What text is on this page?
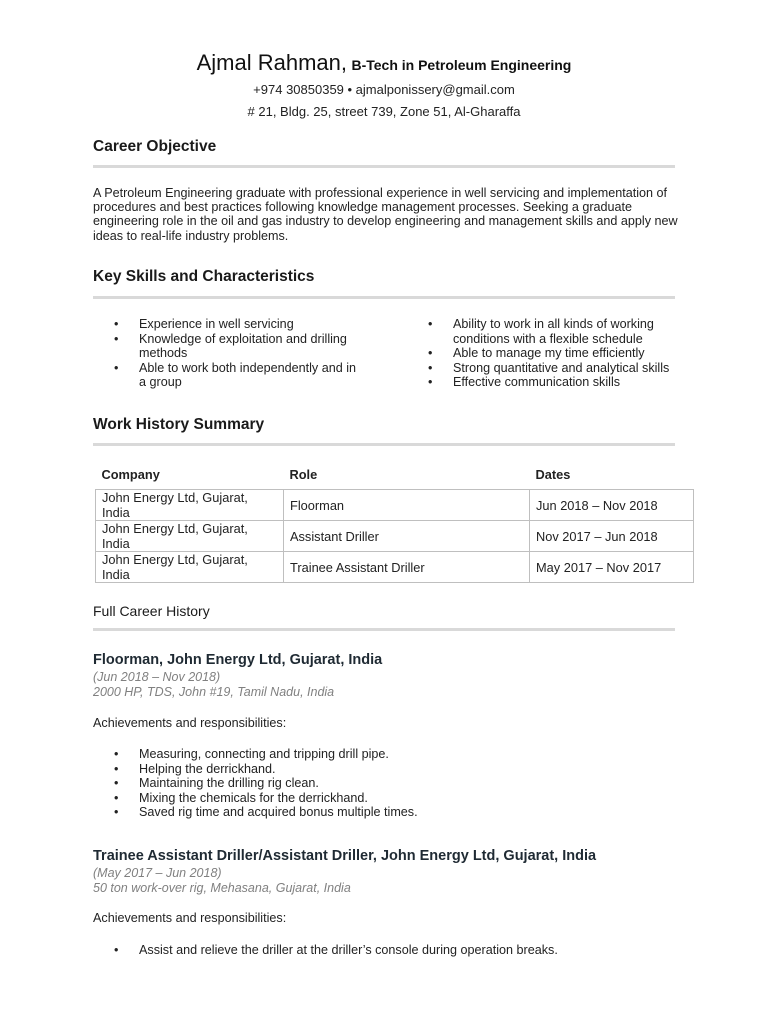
Ajmal Rahman, B-Tech in Petroleum Engineering
+974 30850359 • ajmalponissery@gmail.com
# 21, Bldg. 25, street 739, Zone 51, Al-Gharaffa
Career Objective
A Petroleum Engineering graduate with professional experience in well servicing and implementation of procedures and best practices following knowledge management processes. Seeking a graduate engineering role in the oil and gas industry to develop engineering and management skills and apply new ideas to real-life industry problems.
Key Skills and Characteristics
• Experience in well servicing
• Knowledge of exploitation and drilling methods
• Able to work both independently and in a group
• Ability to work in all kinds of working conditions with a flexible schedule
• Able to manage my time efficiently
• Strong quantitative and analytical skills
• Effective communication skills
Work History Summary
Company	Role	Dates
John Energy Ltd, Gujarat, India	Floorman	Jun 2018 – Nov 2018
John Energy Ltd, Gujarat, India	Assistant Driller	Nov 2017 – Jun 2018
John Energy Ltd, Gujarat, India	Trainee Assistant Driller	May 2017 – Nov 2017
Full Career History
Floorman, John Energy Ltd, Gujarat, India
(Jun 2018 – Nov 2018)
2000 HP, TDS, John #19, Tamil Nadu, India
Achievements and responsibilities:
• Measuring, connecting and tripping drill pipe.
• Helping the derrickhand.
• Maintaining the drilling rig clean.
• Mixing the chemicals for the derrickhand.
• Saved rig time and acquired bonus multiple times.
Trainee Assistant Driller/Assistant Driller, John Energy Ltd, Gujarat, India
(May 2017 – Jun 2018)
50 ton work-over rig, Mehasana, Gujarat, India
Achievements and responsibilities:
• Assist and relieve the driller at the driller’s console during operation breaks.
